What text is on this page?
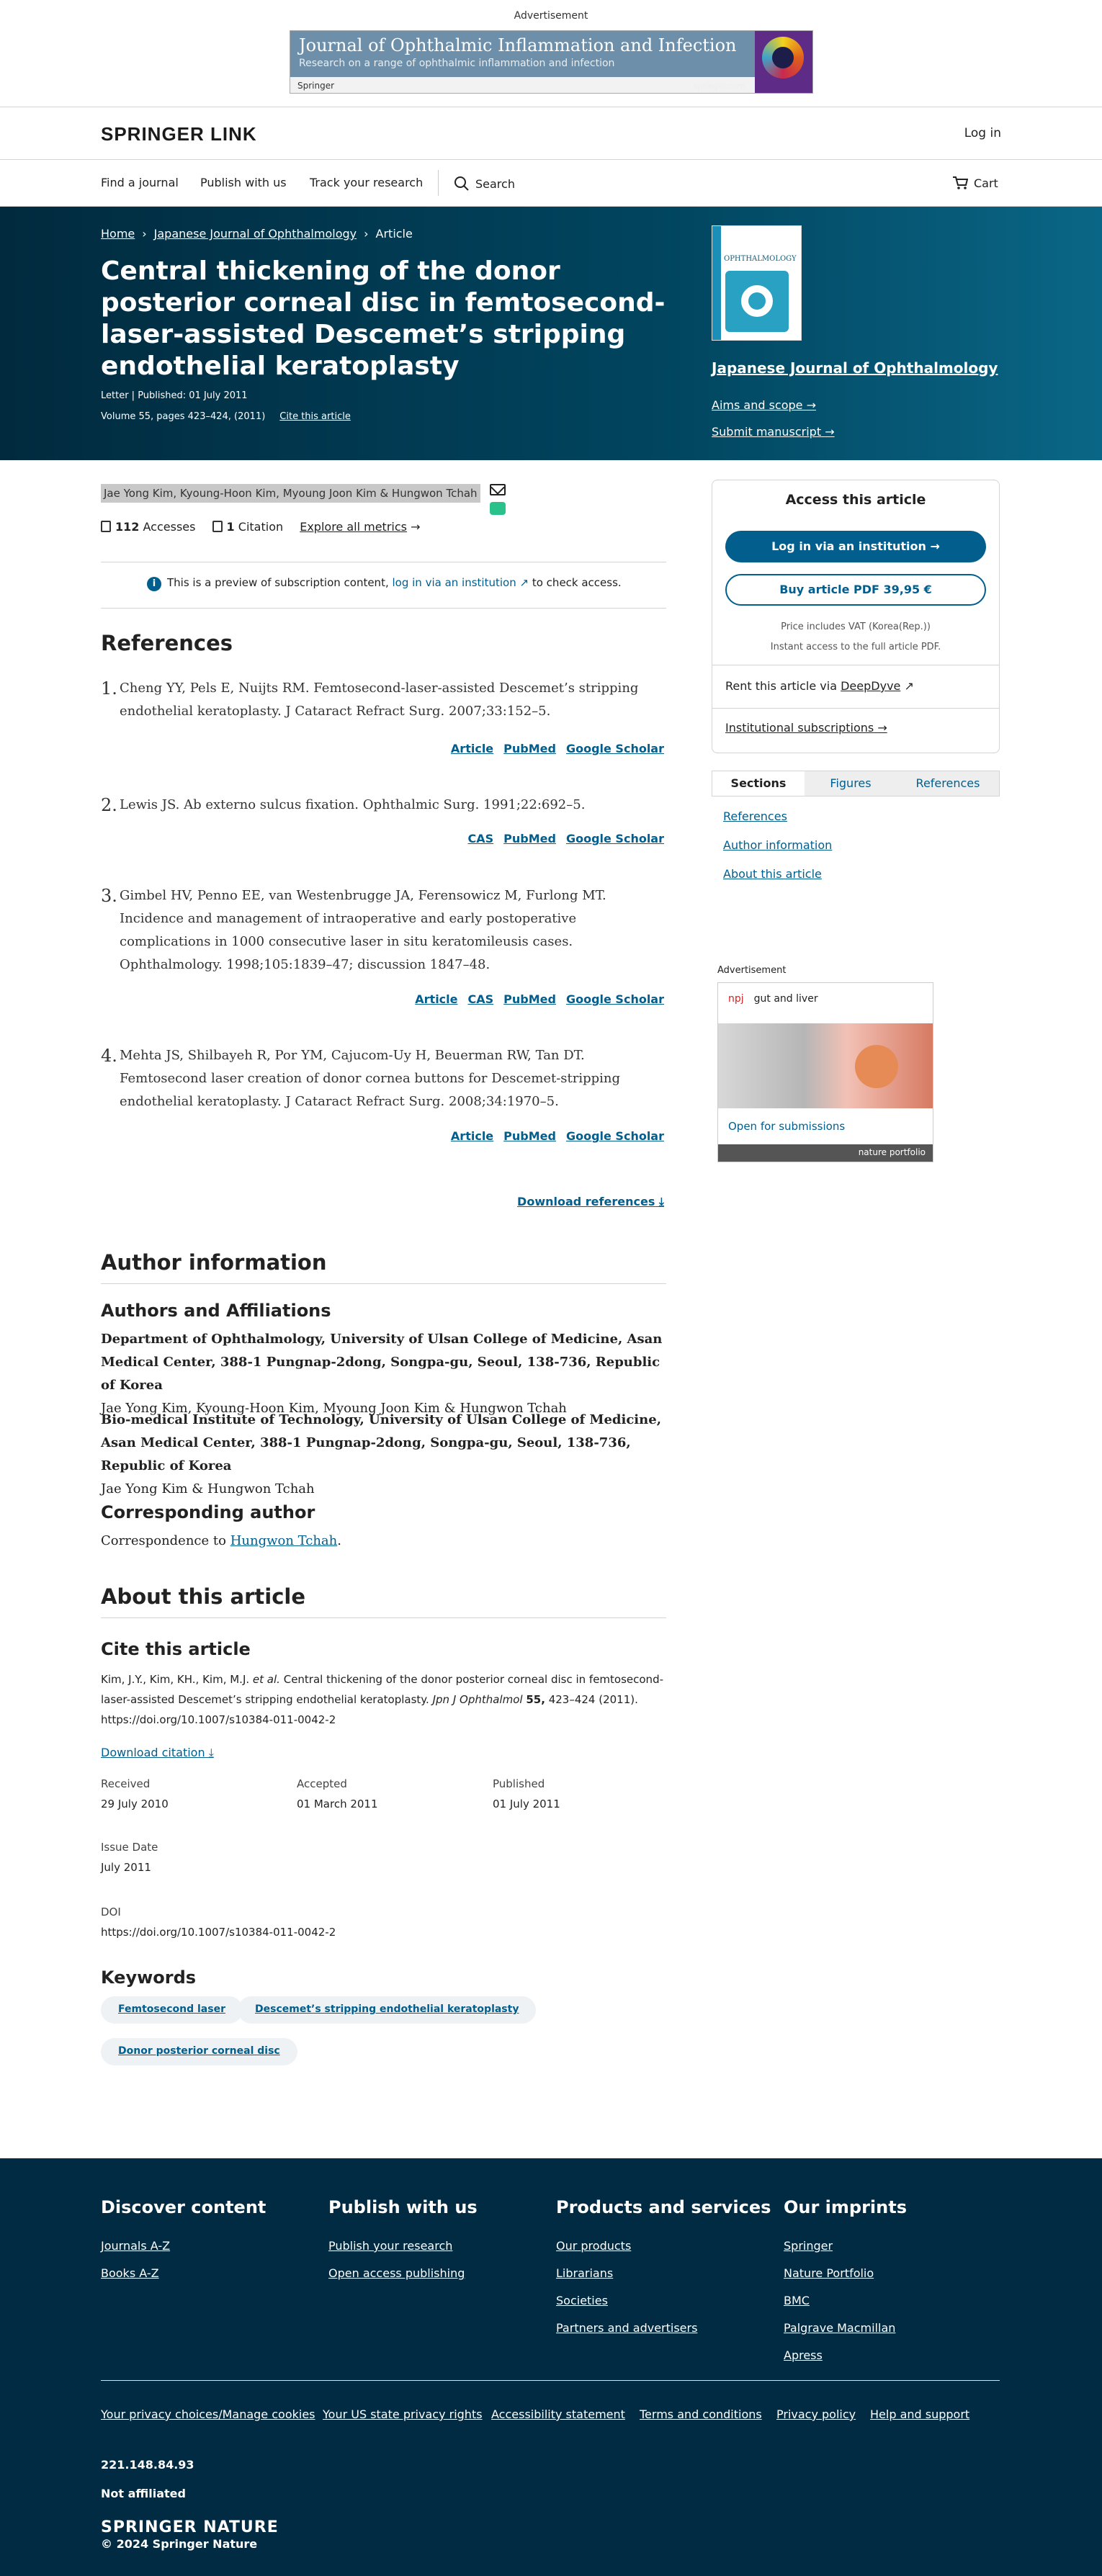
Advertisement
Journal of Ophthalmic Inflammation and Infection
Research on a range of ophthalmic inflammation and infection
Springer	springer.com
SPRINGER LINK	Log in
Find a journal Publish with us Track your research	Search	Cart
Home › Japanese Journal of Ophthalmology › Article
Central thickening of the donor posterior corneal disc in femtosecond-laser-assisted Descemet’s stripping endothelial keratoplasty
Letter | Published: 01 July 2011
Volume 55, pages 423–424, (2011) Cite this article
OPHTHALMOLOGY
Japanese Journal of Ophthalmology
Aims and scope →
Submit manuscript →
Jae Yong Kim, Kyoung-Hoon Kim, Myoung Joon Kim & Hungwon Tchah
112 Accesses	1 Citation Explore all metrics →
i This is a preview of subscription content, log in via an institution ↗ to check access.
References
1. Cheng YY, Pels E, Nuijts RM. Femtosecond-laser-assisted Descemet’s stripping endothelial keratoplasty. J Cataract Refract Surg. 2007;33:152–5.
Article PubMed Google Scholar
2. Lewis JS. Ab externo sulcus fixation. Ophthalmic Surg. 1991;22:692–5.
CAS PubMed Google Scholar
3. Gimbel HV, Penno EE, van Westenbrugge JA, Ferensowicz M, Furlong MT. Incidence and management of intraoperative and early postoperative complications in 1000 consecutive laser in situ keratomileusis cases. Ophthalmology. 1998;105:1839–47; discussion 1847–48.
Article CAS PubMed Google Scholar
4. Mehta JS, Shilbayeh R, Por YM, Cajucom-Uy H, Beuerman RW, Tan DT. Femtosecond laser creation of donor cornea buttons for Descemet-stripping endothelial keratoplasty. J Cataract Refract Surg. 2008;34:1970–5.
Article PubMed Google Scholar
Download references ⤓
Author information
Authors and Affiliations
Department of Ophthalmology, University of Ulsan College of Medicine, Asan Medical Center, 388-1 Pungnap-2dong, Songpa-gu, Seoul, 138-736, Republic of Korea
Jae Yong Kim, Kyoung-Hoon Kim, Myoung Joon Kim & Hungwon Tchah
Bio-medical Institute of Technology, University of Ulsan College of Medicine, Asan Medical Center, 388-1 Pungnap-2dong, Songpa-gu, Seoul, 138-736, Republic of Korea
Jae Yong Kim & Hungwon Tchah
Corresponding author
Correspondence to Hungwon Tchah.
About this article
Cite this article
Kim, J.Y., Kim, KH., Kim, M.J. et al. Central thickening of the donor posterior corneal disc in femtosecond-laser-assisted Descemet’s stripping endothelial keratoplasty. Jpn J Ophthalmol 55, 423–424 (2011). https://doi.org/10.1007/s10384-011-0042-2
Download citation ⤓
Received
29 July 2010
Accepted
01 March 2011
Published
01 July 2011
Issue Date
July 2011
DOI
https://doi.org/10.1007/s10384-011-0042-2
Keywords
Femtosecond laser	Descemet’s stripping endothelial keratoplasty
Donor posterior corneal disc
Access this article
Log in via an institution →
Buy article PDF 39,95 €
Price includes VAT (Korea(Rep.))
Instant access to the full article PDF.
Rent this article via DeepDyve ↗
Institutional subscriptions →
Sections	Figures	References
References
Author information
About this article
Advertisement
npj gut and liver
Open for submissions
nature portfolio
Discover content
Journals A-Z
Books A-Z
Publish with us
Publish your research
Open access publishing
Products and services
Our products
Librarians
Societies
Partners and advertisers
Our imprints
Springer
Nature Portfolio
BMC
Palgrave Macmillan
Apress
Your privacy choices/Manage cookies Your US state privacy rights Accessibility statement Terms and conditions Privacy policy Help and support
221.148.84.93
Not affiliated
SPRINGER NATURE
© 2024 Springer Nature
